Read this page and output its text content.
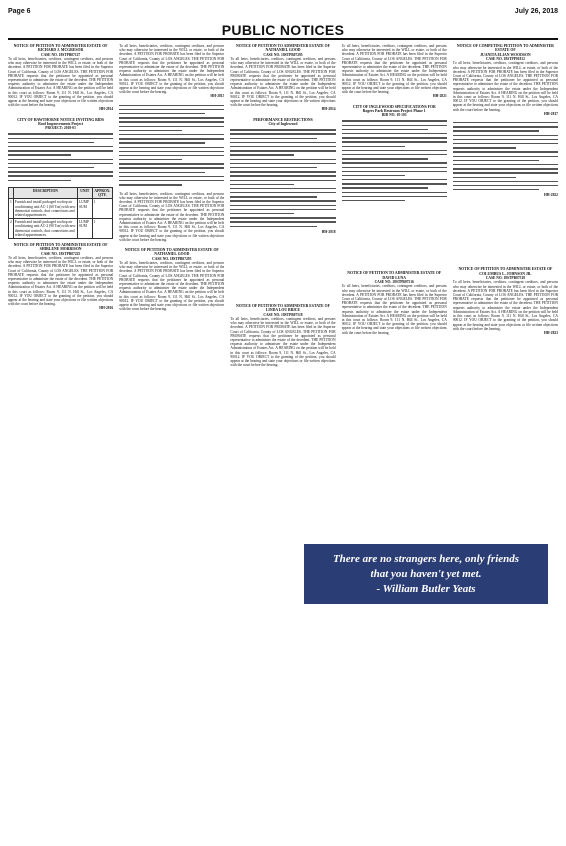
Page 6	July 26, 2018
PUBLIC NOTICES
NOTICE OF PETITION TO ADMINISTER ESTATE OF
RICHARD J. MCGRESOR
CASE NO. 18STPB07127
To all heirs, beneficiaries, creditors, contingent creditors, and persons who may otherwise be interested in the WILL or estate, or both of the decedent. A PETITION FOR PROBATE has been filed in the Superior Court of California, County of LOS ANGELES. THE PETITION FOR PROBATE requests that the petitioner be appointed as personal representative to administer the estate of the decedent. THE PETITION requests authority to administer the estate under the Independent Administration of Estates Act. A HEARING on the petition will be held in this court as follows: Room 9, 111 N. Hill St., Los Angeles, CA 90012. IF YOU OBJECT to the granting of the petition, you should appear at the hearing and state your objections or file written objections with the court before the hearing.
HH-2814
CITY OF HAWTHORNE NOTICE INVITING BIDS
Roof Improvements Project
PROJECT: 2018-01
	DESCRIPTION	UNIT	APPROX. QTY.
1	Furnish and install packaged rooftop air conditioning unit AC-1 (60 Ton) with new thermostat controls, duct connections and related appurtenances.	LUMP SUM	1
2	Furnish and install packaged rooftop air conditioning unit AC-2 (90 Ton) with new thermostat controls, duct connections and related appurtenances.	LUMP SUM	1
NOTICE OF PETITION TO ADMINISTER ESTATE OF
SHIRLENE MORRISON
CASE NO. 18STPB07225
To all heirs, beneficiaries, creditors, contingent creditors, and persons who may otherwise be interested in the WILL or estate, or both of the decedent. A PETITION FOR PROBATE has been filed in the Superior Court of California, County of LOS ANGELES. THE PETITION FOR PROBATE requests that the petitioner be appointed as personal representative to administer the estate of the decedent. THE PETITION requests authority to administer the estate under the Independent Administration of Estates Act. A HEARING on the petition will be held in this court as follows: Room 9, 111 N. Hill St., Los Angeles, CA 90012. IF YOU OBJECT to the granting of the petition, you should appear at the hearing and state your objections or file written objections with the court before the hearing.
HH-2816
To all heirs, beneficiaries, creditors, contingent creditors, and persons who may otherwise be interested in the WILL or estate, or both of the decedent. A PETITION FOR PROBATE has been filed in the Superior Court of California, County of LOS ANGELES. THE PETITION FOR PROBATE requests that the petitioner be appointed as personal representative to administer the estate of the decedent. THE PETITION requests authority to administer the estate under the Independent Administration of Estates Act. A HEARING on the petition will be held in this court as follows: Room 9, 111 N. Hill St., Los Angeles, CA 90012. IF YOU OBJECT to the granting of the petition, you should appear at the hearing and state your objections or file written objections with the court before the hearing.
HH-2815
To all heirs, beneficiaries, creditors, contingent creditors, and persons who may otherwise be interested in the WILL or estate, or both of the decedent. A PETITION FOR PROBATE has been filed in the Superior Court of California, County of LOS ANGELES. THE PETITION FOR PROBATE requests that the petitioner be appointed as personal representative to administer the estate of the decedent. THE PETITION requests authority to administer the estate under the Independent Administration of Estates Act. A HEARING on the petition will be held in this court as follows: Room 9, 111 N. Hill St., Los Angeles, CA 90012. IF YOU OBJECT to the granting of the petition, you should appear at the hearing and state your objections or file written objections with the court before the hearing.
NOTICE OF PETITION TO ADMINISTER ESTATE OF
NATHANIEL GOOD
CASE NO. 18STPB07295
To all heirs, beneficiaries, creditors, contingent creditors, and persons who may otherwise be interested in the WILL or estate, or both of the decedent. A PETITION FOR PROBATE has been filed in the Superior Court of California, County of LOS ANGELES. THE PETITION FOR PROBATE requests that the petitioner be appointed as personal representative to administer the estate of the decedent. THE PETITION requests authority to administer the estate under the Independent Administration of Estates Act. A HEARING on the petition will be held in this court as follows: Room 9, 111 N. Hill St., Los Angeles, CA 90012. IF YOU OBJECT to the granting of the petition, you should appear at the hearing and state your objections or file written objections with the court before the hearing.
NOTICE OF PETITION TO ADMINISTER ESTATE OF
NATHANIEL GOOD
CASE NO. 18STPB07295
To all heirs, beneficiaries, creditors, contingent creditors, and persons who may otherwise be interested in the WILL or estate, or both of the decedent. A PETITION FOR PROBATE has been filed in the Superior Court of California, County of LOS ANGELES. THE PETITION FOR PROBATE requests that the petitioner be appointed as personal representative to administer the estate of the decedent. THE PETITION requests authority to administer the estate under the Independent Administration of Estates Act. A HEARING on the petition will be held in this court as follows: Room 9, 111 N. Hill St., Los Angeles, CA 90012. IF YOU OBJECT to the granting of the petition, you should appear at the hearing and state your objections or file written objections with the court before the hearing.
HH-2814
PERFORMANCE RESTRICTIONS
City of Inglewood
HH-2818
NOTICE OF PETITION TO ADMINISTER ESTATE OF
LINDA LOU BRICE
CASE NO. 18STPB07518
To all heirs, beneficiaries, creditors, contingent creditors, and persons who may otherwise be interested in the WILL or estate, or both of the decedent. A PETITION FOR PROBATE has been filed in the Superior Court of California, County of LOS ANGELES. THE PETITION FOR PROBATE requests that the petitioner be appointed as personal representative to administer the estate of the decedent. THE PETITION requests authority to administer the estate under the Independent Administration of Estates Act. A HEARING on the petition will be held in this court as follows: Room 9, 111 N. Hill St., Los Angeles, CA 90012. IF YOU OBJECT to the granting of the petition, you should appear at the hearing and state your objections or file written objections with the court before the hearing.
To all heirs, beneficiaries, creditors, contingent creditors, and persons who may otherwise be interested in the WILL or estate, or both of the decedent. A PETITION FOR PROBATE has been filed in the Superior Court of California, County of LOS ANGELES. THE PETITION FOR PROBATE requests that the petitioner be appointed as personal representative to administer the estate of the decedent. THE PETITION requests authority to administer the estate under the Independent Administration of Estates Act. A HEARING on the petition will be held in this court as follows: Room 9, 111 N. Hill St., Los Angeles, CA 90012. IF YOU OBJECT to the granting of the petition, you should appear at the hearing and state your objections or file written objections with the court before the hearing.
HH-2821
CITY OF INGLEWOOD SPECIFICATIONS FOR
Rogers Park Restroom Project Phase 1
BID NO. 18-103
NOTICE OF PETITION TO ADMINISTER ESTATE OF
DAVID LUNA
CASE NO. 18STPB07516
To all heirs, beneficiaries, creditors, contingent creditors, and persons who may otherwise be interested in the WILL or estate, or both of the decedent. A PETITION FOR PROBATE has been filed in the Superior Court of California, County of LOS ANGELES. THE PETITION FOR PROBATE requests that the petitioner be appointed as personal representative to administer the estate of the decedent. THE PETITION requests authority to administer the estate under the Independent Administration of Estates Act. A HEARING on the petition will be held in this court as follows: Room 9, 111 N. Hill St., Los Angeles, CA 90012. IF YOU OBJECT to the granting of the petition, you should appear at the hearing and state your objections or file written objections with the court before the hearing.
NOTICE OF COMPETING PETITION TO ADMINISTER ESTATE OF
JUANITA ELIAN WOODSON
CASE NO. 18STPP01812
To all heirs, beneficiaries, creditors, contingent creditors, and persons who may otherwise be interested in the WILL or estate, or both of the decedent. A PETITION FOR PROBATE has been filed in the Superior Court of California, County of LOS ANGELES. THE PETITION FOR PROBATE requests that the petitioner be appointed as personal representative to administer the estate of the decedent. THE PETITION requests authority to administer the estate under the Independent Administration of Estates Act. A HEARING on the petition will be held in this court as follows: Room 9, 111 N. Hill St., Los Angeles, CA 90012. IF YOU OBJECT to the granting of the petition, you should appear at the hearing and state your objections or file written objections with the court before the hearing.
HH-2817
HH-2822
NOTICE OF PETITION TO ADMINISTER ESTATE OF
COLUMBUS L. JOHNSON JR.
CASE NO. 18STPB07518
To all heirs, beneficiaries, creditors, contingent creditors, and persons who may otherwise be interested in the WILL or estate, or both of the decedent. A PETITION FOR PROBATE has been filed in the Superior Court of California, County of LOS ANGELES. THE PETITION FOR PROBATE requests that the petitioner be appointed as personal representative to administer the estate of the decedent. THE PETITION requests authority to administer the estate under the Independent Administration of Estates Act. A HEARING on the petition will be held in this court as follows: Room 9, 111 N. Hill St., Los Angeles, CA 90012. IF YOU OBJECT to the granting of the petition, you should appear at the hearing and state your objections or file written objections with the court before the hearing.
HH-2823
There are no strangers here, only friends
that you haven't yet met.
- William Butler Yeats
